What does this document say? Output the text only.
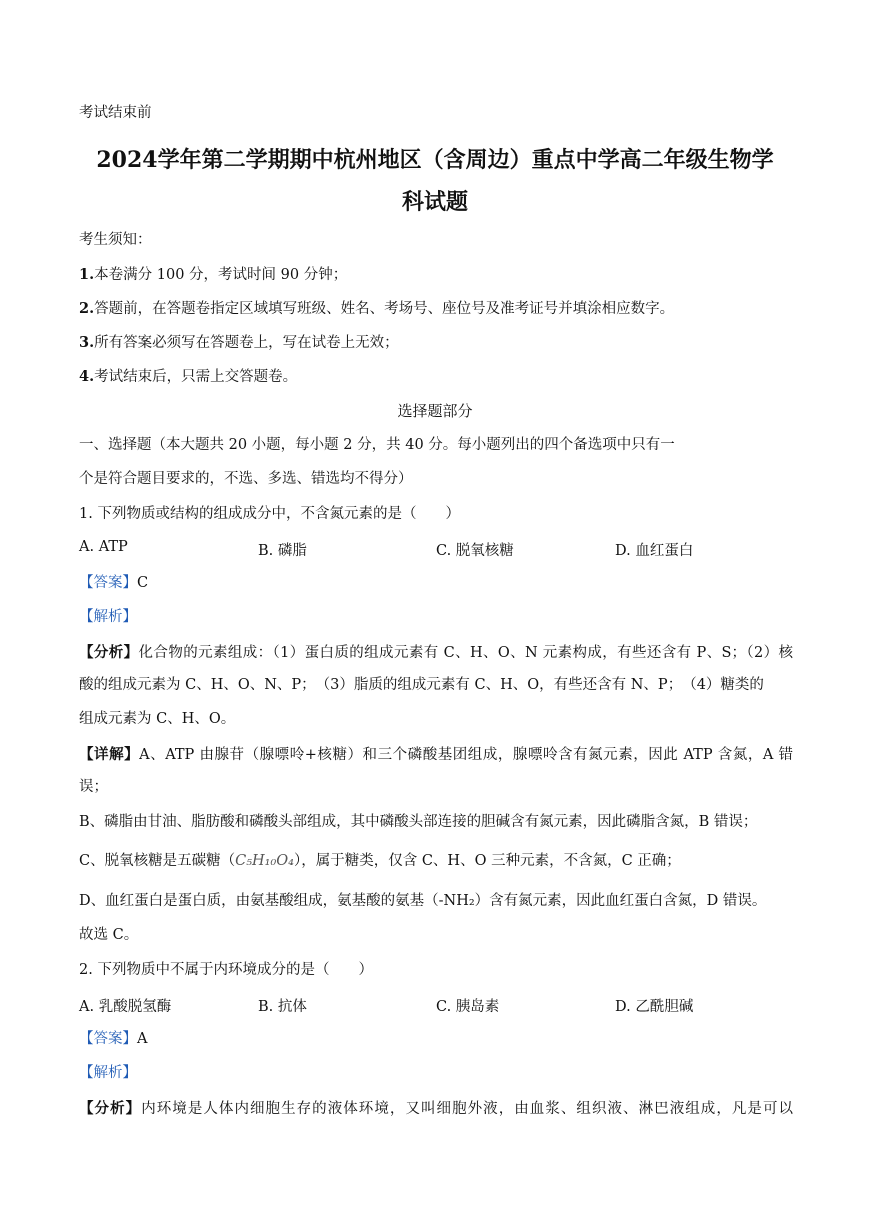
考试结束前
2024学年第二学期期中杭州地区（含周边）重点中学高二年级生物学
科试题
考生须知：
1.本卷满分 100 分，考试时间 90 分钟；
2.答题前，在答题卷指定区域填写班级、姓名、考场号、座位号及准考证号并填涂相应数字。
3.所有答案必须写在答题卷上，写在试卷上无效；
4.考试结束后，只需上交答题卷。
选择题部分
一、选择题（本大题共 20 小题，每小题 2 分，共 40 分。每小题列出的四个备选项中只有一
个是符合题目要求的，不选、多选、错选均不得分）
1. 下列物质或结构的组成成分中，不含氮元素的是（　　）
A. ATP	B. 磷脂	C. 脱氧核糖	D. 血红蛋白
【答案】C
【解析】
【分析】化合物的元素组成：（1）蛋白质的组成元素有 C、H、O、N 元素构成，有些还含有 P、S；（2）核
酸的组成元素为 C、H、O、N、P；　（3）脂质的组成元素有 C、H、O，有些还含有 N、P；　（4）糖类的
组成元素为 C、H、O。
【详解】A、ATP 由腺苷（腺嘌呤+核糖）和三个磷酸基团组成，腺嘌呤含有氮元素，因此 ATP 含氮，A 错
误；
B、磷脂由甘油、脂肪酸和磷酸头部组成，其中磷酸头部连接的胆碱含有氮元素，因此磷脂含氮，B 错误；
C、脱氧核糖是五碳糖（C₅H₁₀O₄），属于糖类，仅含 C、H、O 三种元素，不含氮，C 正确；
D、血红蛋白是蛋白质，由氨基酸组成，氨基酸的氨基（-NH₂）含有氮元素，因此血红蛋白含氮，D 错误。
故选 C。
2. 下列物质中不属于内环境成分的是（　　）
A. 乳酸脱氢酶	B. 抗体	C. 胰岛素	D. 乙酰胆碱
【答案】A
【解析】
【分析】内环境是人体内细胞生存的液体环境，又叫细胞外液，由血浆、组织液、淋巴液组成，凡是可以
